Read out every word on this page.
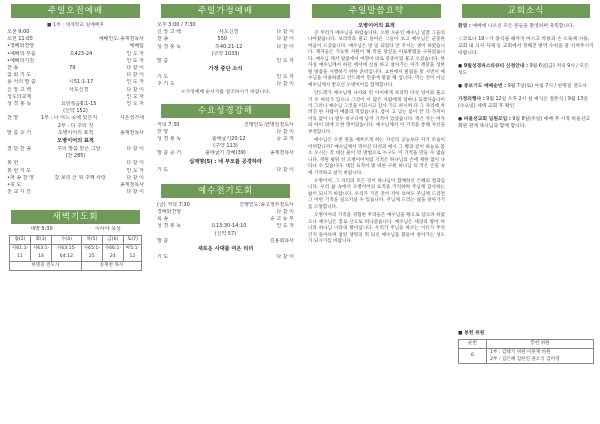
주일오전예배
■ 1부 : 대개학교 일예배후
오전 9:00
오전 11:00	예배인도:송재천목사
•경배와찬양	예배팀
•예배의 부름	요423-24	인 도 자
•예배의기원	인 도 자
찬 송	79	다 같 이
참 회 기 도	다 같 이
용 서의 말 씀	시51:1-17	인 도 자
신 앙 고 백	사도신경	다 같 이
성도의교제	인 도 자
성 경 봉 독	요한복음6:1-15	인 도 자
(신약 152)
찬 양	1부 : 나 어느 곳에 있든지	시온성가대
2부 : 다 주의 것
말 씀 증 거	오병이어의 표적	송재천목사
오병이어의 표적
결 단 찬 송	주의 말씀 받은 그날	다 같 이
(찬 285)
봉 헌	다 같 이
봉 헌 기 도	인 도 자
•파 송 찬 양	갈 보리 산 위 주께 사랑	다 같 이
•축 도	송재천목사
친 교 시 간	다 같 이
새벽기도회
새벽 5:30	이사야 묵상
월(2)	화(3)	수(4)	목(5)	금(6)	토(7)
사61:1-11	사63:1-14	사63:15-64:12	사65:1-25	사66:1-24	마5:1-12
한명길 전도사			송재천 목사		
주일가정예배
오후 3:00 / 7:30
신 앙 고 백	사도신경	다 같 이
찬 송	550	다 같 이
성 경 봉 독	히40:21-12	다 같 이
(구약 1033)
말 씀	인 도 자
가정 중단 소식
기 도	인 도 자
주 기 도	다 같 이
＊가정예배 순서지를 참조하시기 바랍니다.
수요성경강해
저녁 7:30	진행인도:한명일전도사
찬 양	다 같 이
성 경 봉 독	출애굽기20:12	공 교 자
(구약 113)
말 씀 증 거	출애굽기 강해(39)	송재천목사
십계명(5) : 네 부모를 공경하라
기 도	다 같 이
예수전기도회
(금) 저녁 7:30	진행인도:송고정부전도사
경배와찬양	다 같 이
목 송	중 고 등 부
성 경 봉 독	요13:30-14:10	인 도 자
(신약 57)
말 씀	김용회목사
새로운 사대를 여온 리더
기 도	다 같 이
주일말씀요약
오병이어의 표적

큰 무리가 예수님을 따랐습니다. 오병 오순인 예수님 일할 그들의 나아왔습니다. 보리떡과 물고 돌아온 그들이 보고 예수님은 군중한 마음이 드셨습니다. 예수님은 멋 일 되었다 안 주시는 생이 하였습니다. 제자들은 가능한 자원이 해 막을 당신들 이로방법을 구하었습니다. 예수님 께서 말씀에서 여명이 바로 중중이었 물고 오셨습니다. 한 사실 예수님께서 하던 에서에 신실 하고 살아가는 이가 깨달을 성한 빌 말씀을 시행하기 위한 준비입니다. 요한에서 빌립을 통 시면서 예수님을 이용하였고 안드레이 민중에 말씀 해 입니다. 먹는 것이 아닌 예수님께서 받으신 오병이어를 함께합니다.

안드레가 예수님께 나아와 빈 아이에게 보리떡 다섯 덩어와 물고기 두 마리가 있으나 그것이 이 많은 사람에게 얼마나 되겠사옵나이까 그러나 예수님 그것을 이끄시고 감사 기도 하시며 다 그 자리에 차려진 한 사람이 배불리 먹었습니다. 몸이 고 남는 몸이 안 더 가지어 이득 없이 나 열두 바구니에 남겨 기적이 있었습니다. 먹은 자는 여자와 아이 외에 오천 명이었습니다. 예수님께서 이 기적을 통해 자신을 부정합니다.

예수님은 오천 명을 배부르게 하는 자신의 공능보다 자기 모습이 어떠합니까? 예수님께서 먹이신 다섯과 메시 그 빵과 같이 하늘로 몸소 오시는 것 대신 물이 만 방법으로 누구도 이 기적을 만들 수 없습니다. 정원 평위 선 오병이어처럼 기적은 하나님의 손에 제한 없이 나타나 수 있습니다. 대신 표적이 빛 따른 구원 하나님 의 작은 손길 속에 기억하고 살기 바랍니다.

오병이어, 그 자리의 모든 것이 하나님이 함께하신 은혜의 결과입니다. 우리 삶 속에서 오병이어의 표적을 기억하며 주님께 감사하는 삶이 되시기 바랍니다. 우리가 가진 것이 작아 보여도 주님께 드리면 그 어떤 기적을 일으키실 수 있습니다. 주님께 드리는 삶을 살아가기를 소망합니다.

오병이어의 기적을 경험한 무리들은 예수님을 왕으로 삼으려 하였으나 예수님은 홀로 산으로 떠나셨습니다. 예수님은 세상의 왕이 아니라 하나님 나라의 왕이십니다. 우리가 주님을 따르는 이유가 무엇인지 돌아보며 참된 생명의 떡 되신 예수님을 붙들어 살아가는 성도가 되시기를 바랍니다.

교회소식
환영 : 예배에 나오신 모든 분들을 환영하며 축복합니다.
＜코로나 19＞가 종식될 때까지 마스크 착용과 손 소독제 사용, 교회 내 식사 자제 등 교회에서 정해진 방역 수칙을 잘 지켜주시기 바랍니다.
● 9월성경파스타큐티 신청안내 : 9월 6일(금) 저녁 9시 / 모든 성도
● 중보기도 예배순번 : 9월 7일(토) 아침 7시 / 한명길 전도사
가정의행사 : 9월 12일 오후 2시 설 예식은 결혼식 / 9월 13일(수요일) 새벽 교회 후 확인
● 바울선교회 임원모임 : 9월 8일(주일) 예배 후 시작 바울선교 회원 관계 목사님과 함께 합니다.
■ 봉헌 위원
순번	봉헌 위원
6	1부 : 김태기 위원 이원재 바원
2부 : 김은혜 김한진 권오식 김미영
